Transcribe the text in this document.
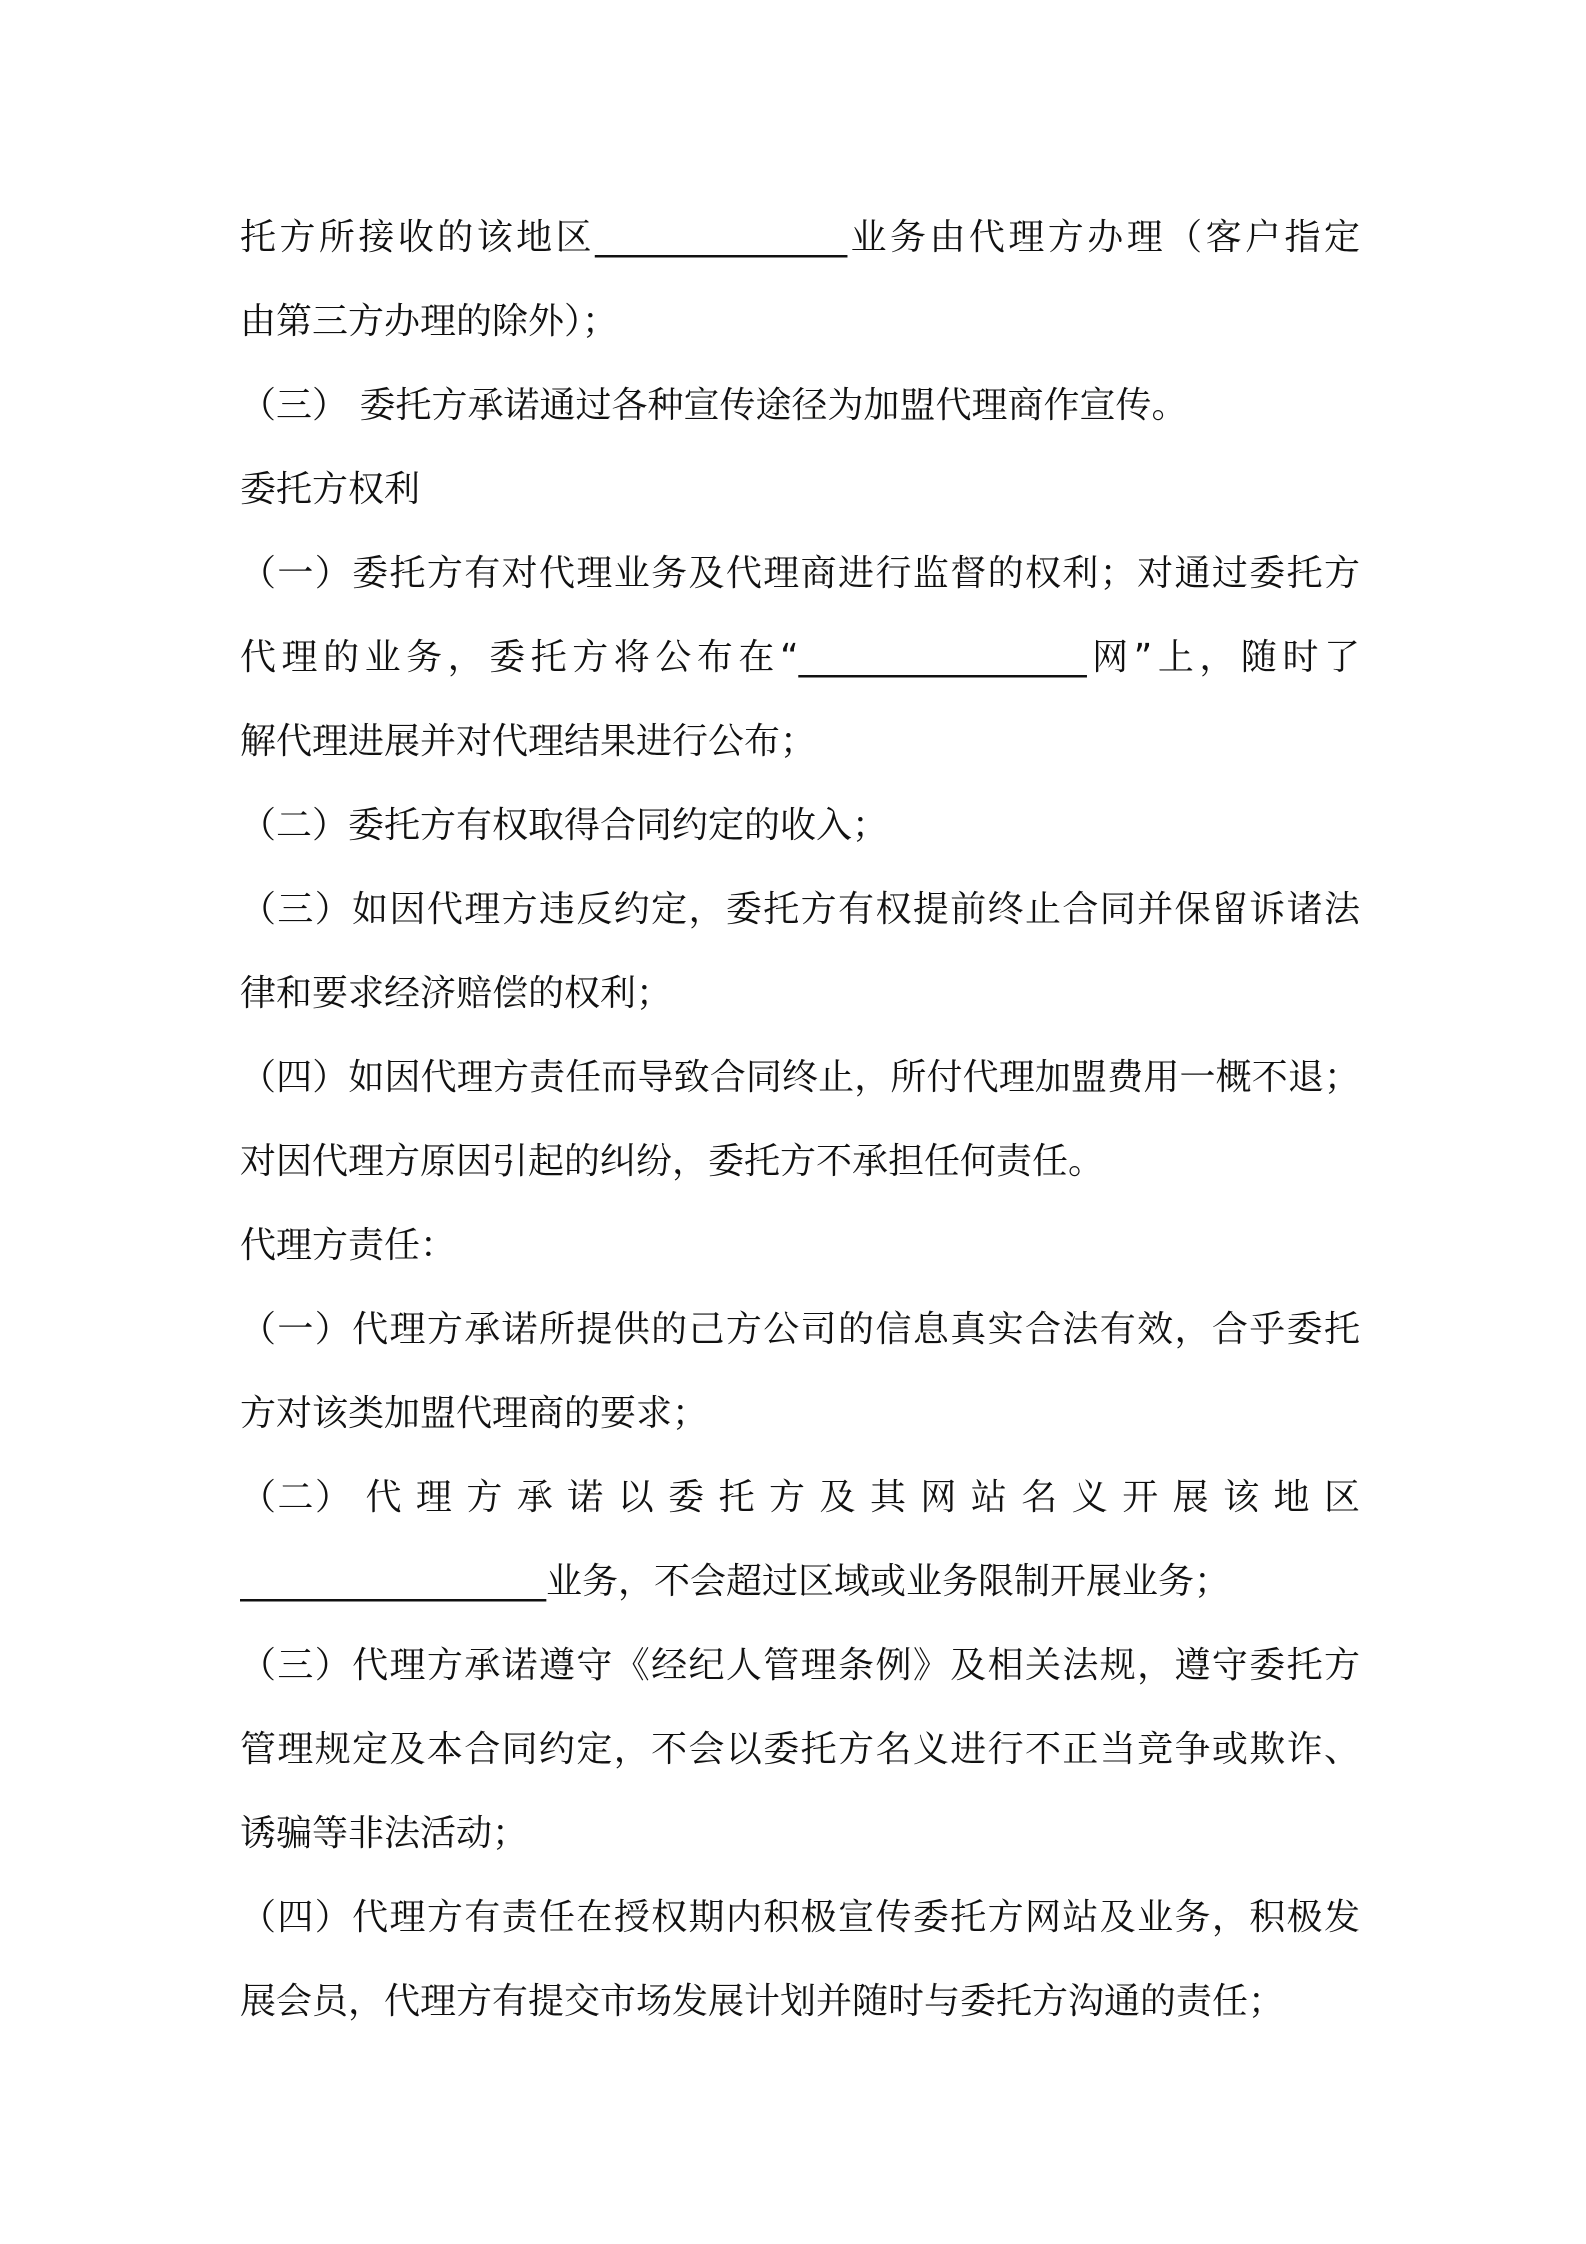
托方所接收的该地区______________业务由代理方办理（客户指定
由第三方办理的除外）；
（三） 委托方承诺通过各种宣传途径为加盟代理商作宣传。
委托方权利
（一）委托方有对代理业务及代理商进行监督的权利；对通过委托方
代理的业务，委托方将公布在“________________网”上，随时了
解代理进展并对代理结果进行公布；
（二）委托方有权取得合同约定的收入；
（三）如因代理方违反约定，委托方有权提前终止合同并保留诉诸法
律和要求经济赔偿的权利；
（四）如因代理方责任而导致合同终止，所付代理加盟费用一概不退；
对因代理方原因引起的纠纷，委托方不承担任何责任。
代理方责任：
（一）代理方承诺所提供的己方公司的信息真实合法有效，合乎委托
方对该类加盟代理商的要求；
（二） 代 理 方 承 诺 以 委 托 方 及 其 网 站 名 义 开 展 该 地 区
_________________业务，不会超过区域或业务限制开展业务；
（三）代理方承诺遵守《经纪人管理条例》及相关法规，遵守委托方
管理规定及本合同约定，不会以委托方名义进行不正当竞争或欺诈、
诱骗等非法活动；
（四）代理方有责任在授权期内积极宣传委托方网站及业务，积极发
展会员，代理方有提交市场发展计划并随时与委托方沟通的责任；
